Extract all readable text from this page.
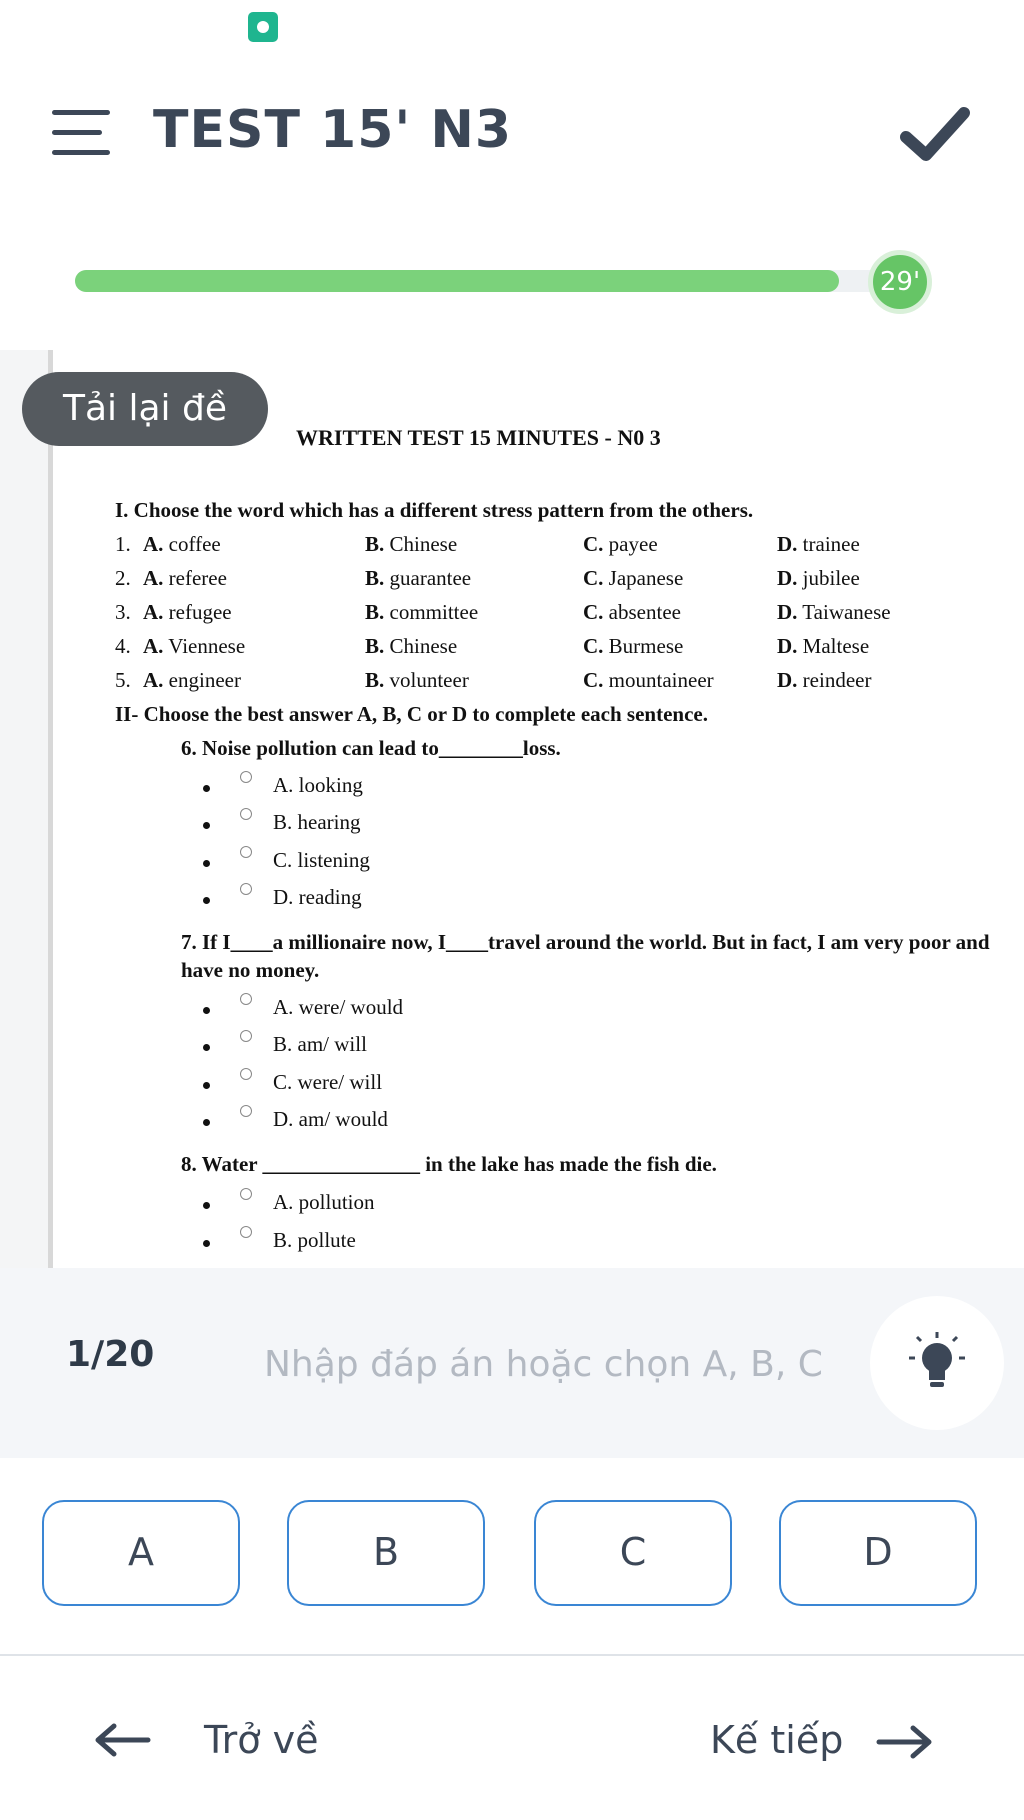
TEST 15' N3
29'
WRITTEN TEST 15 MINUTES - N0 3
I. Choose the word which has a different stress pattern from the others.
1. A. coffee	B. Chinese	C. payee	D. trainee
2. A. referee	B. guarantee	C. Japanese	D. jubilee
3. A. refugee	B. committee	C. absentee	D. Taiwanese
4. A. Viennese	B. Chinese	C. Burmese	D. Maltese
5. A. engineer	B. volunteer	C. mountaineer	D. reindeer
II- Choose the best answer A, B, C or D to complete each sentence.
6. Noise pollution can lead to________loss.
A. looking
B. hearing
C. listening
D. reading
7. If I____a millionaire now, I____travel around the world. But in fact, I am very poor and have no money.
A. were/ would
B. am/ will
C. were/ will
D. am/ would
8. Water _______________ in the lake has made the fish die.
A. pollution
B. pollute
Tải lại đề
1/20
Nhập đáp án hoặc chọn A, B, C
A	B	C	D
Trở về	Kế tiếp
